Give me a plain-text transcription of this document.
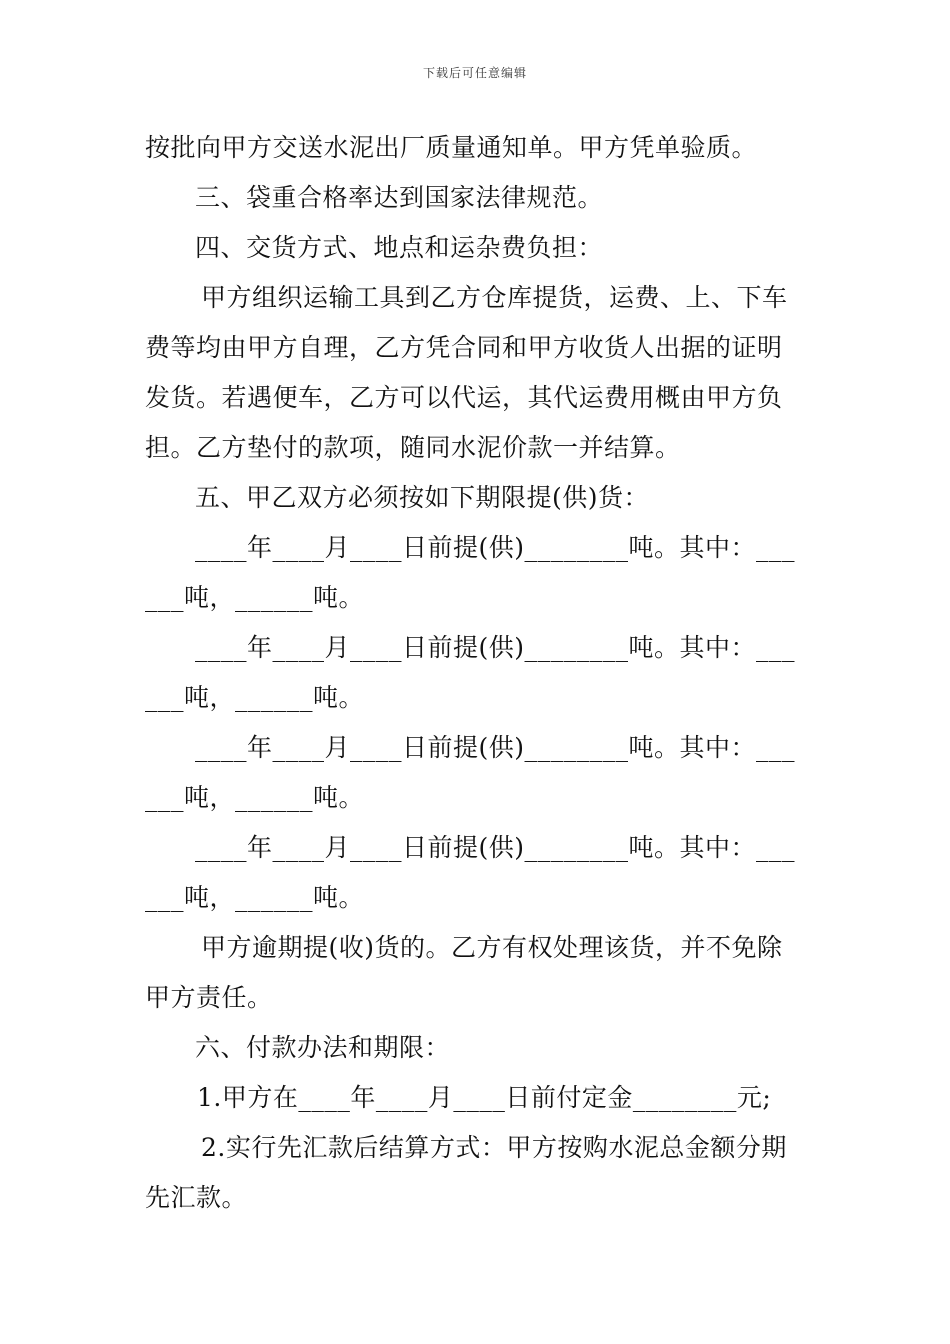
下载后可任意编辑
按批向甲方交送水泥出厂质量通知单。甲方凭单验质。
三、袋重合格率达到国家法律规范。
四、交货方式、地点和运杂费负担：
甲方组织运输工具到乙方仓库提货，运费、上、下车
费等均由甲方自理，乙方凭合同和甲方收货人出据的证明
发货。若遇便车，乙方可以代运，其代运费用概由甲方负
担。乙方垫付的款项，随同水泥价款一并结算。
五、甲乙双方必须按如下期限提(供)货：
____年____月____日前提(供)________吨。其中：___
___吨，______吨。
____年____月____日前提(供)________吨。其中：___
___吨，______吨。
____年____月____日前提(供)________吨。其中：___
___吨，______吨。
____年____月____日前提(供)________吨。其中：___
___吨，______吨。
甲方逾期提(收)货的。乙方有权处理该货，并不免除
甲方责任。
六、付款办法和期限：
1.甲方在____年____月____日前付定金________元;
2.实行先汇款后结算方式：甲方按购水泥总金额分期
先汇款。
